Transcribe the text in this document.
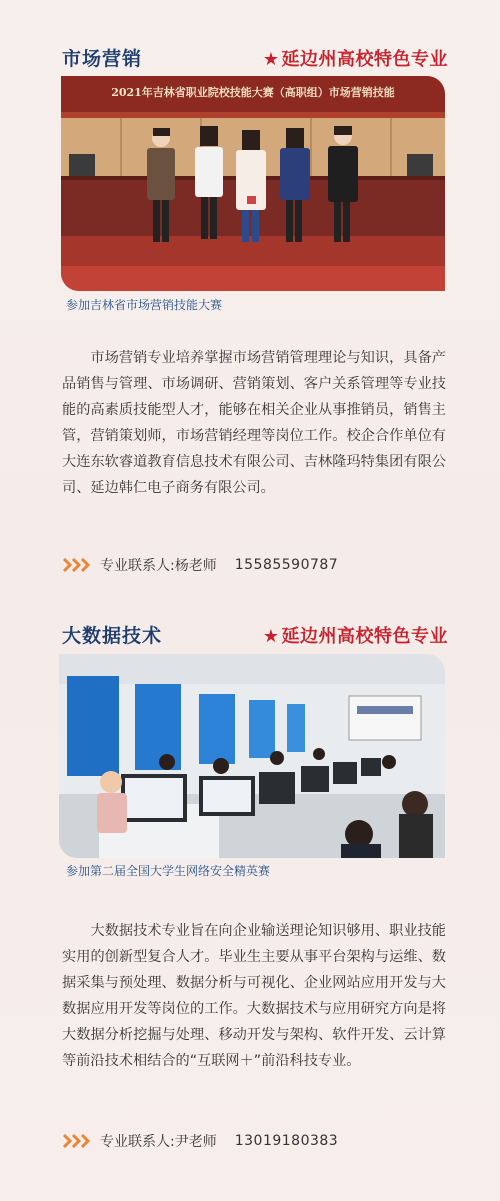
市场营销	★ 延边州高校特色专业
2021年吉林省职业院校技能大赛（高职组）市场营销技能
参加吉林省市场营销技能大赛
市场营销专业培养掌握市场营销管理理论与知识，具备产品销售与管理、市场调研、营销策划、客户关系管理等专业技能的高素质技能型人才，能够在相关企业从事推销员，销售主管，营销策划师，市场营销经理等岗位工作。校企合作单位有大连东软睿道教育信息技术有限公司、吉林隆玛特集团有限公司、延边韩仁电子商务有限公司。
专业联系人:杨老师 15585590787
大数据技术	★ 延边州高校特色专业
参加第二届全国大学生网络安全精英赛
大数据技术专业旨在向企业输送理论知识够用、职业技能实用的创新型复合人才。毕业生主要从事平台架构与运维、数据采集与预处理、数据分析与可视化、企业网站应用开发与大数据应用开发等岗位的工作。大数据技术与应用研究方向是将大数据分析挖掘与处理、移动开发与架构、软件开发、云计算等前沿技术相结合的“互联网＋”前沿科技专业。
专业联系人:尹老师 13019180383
